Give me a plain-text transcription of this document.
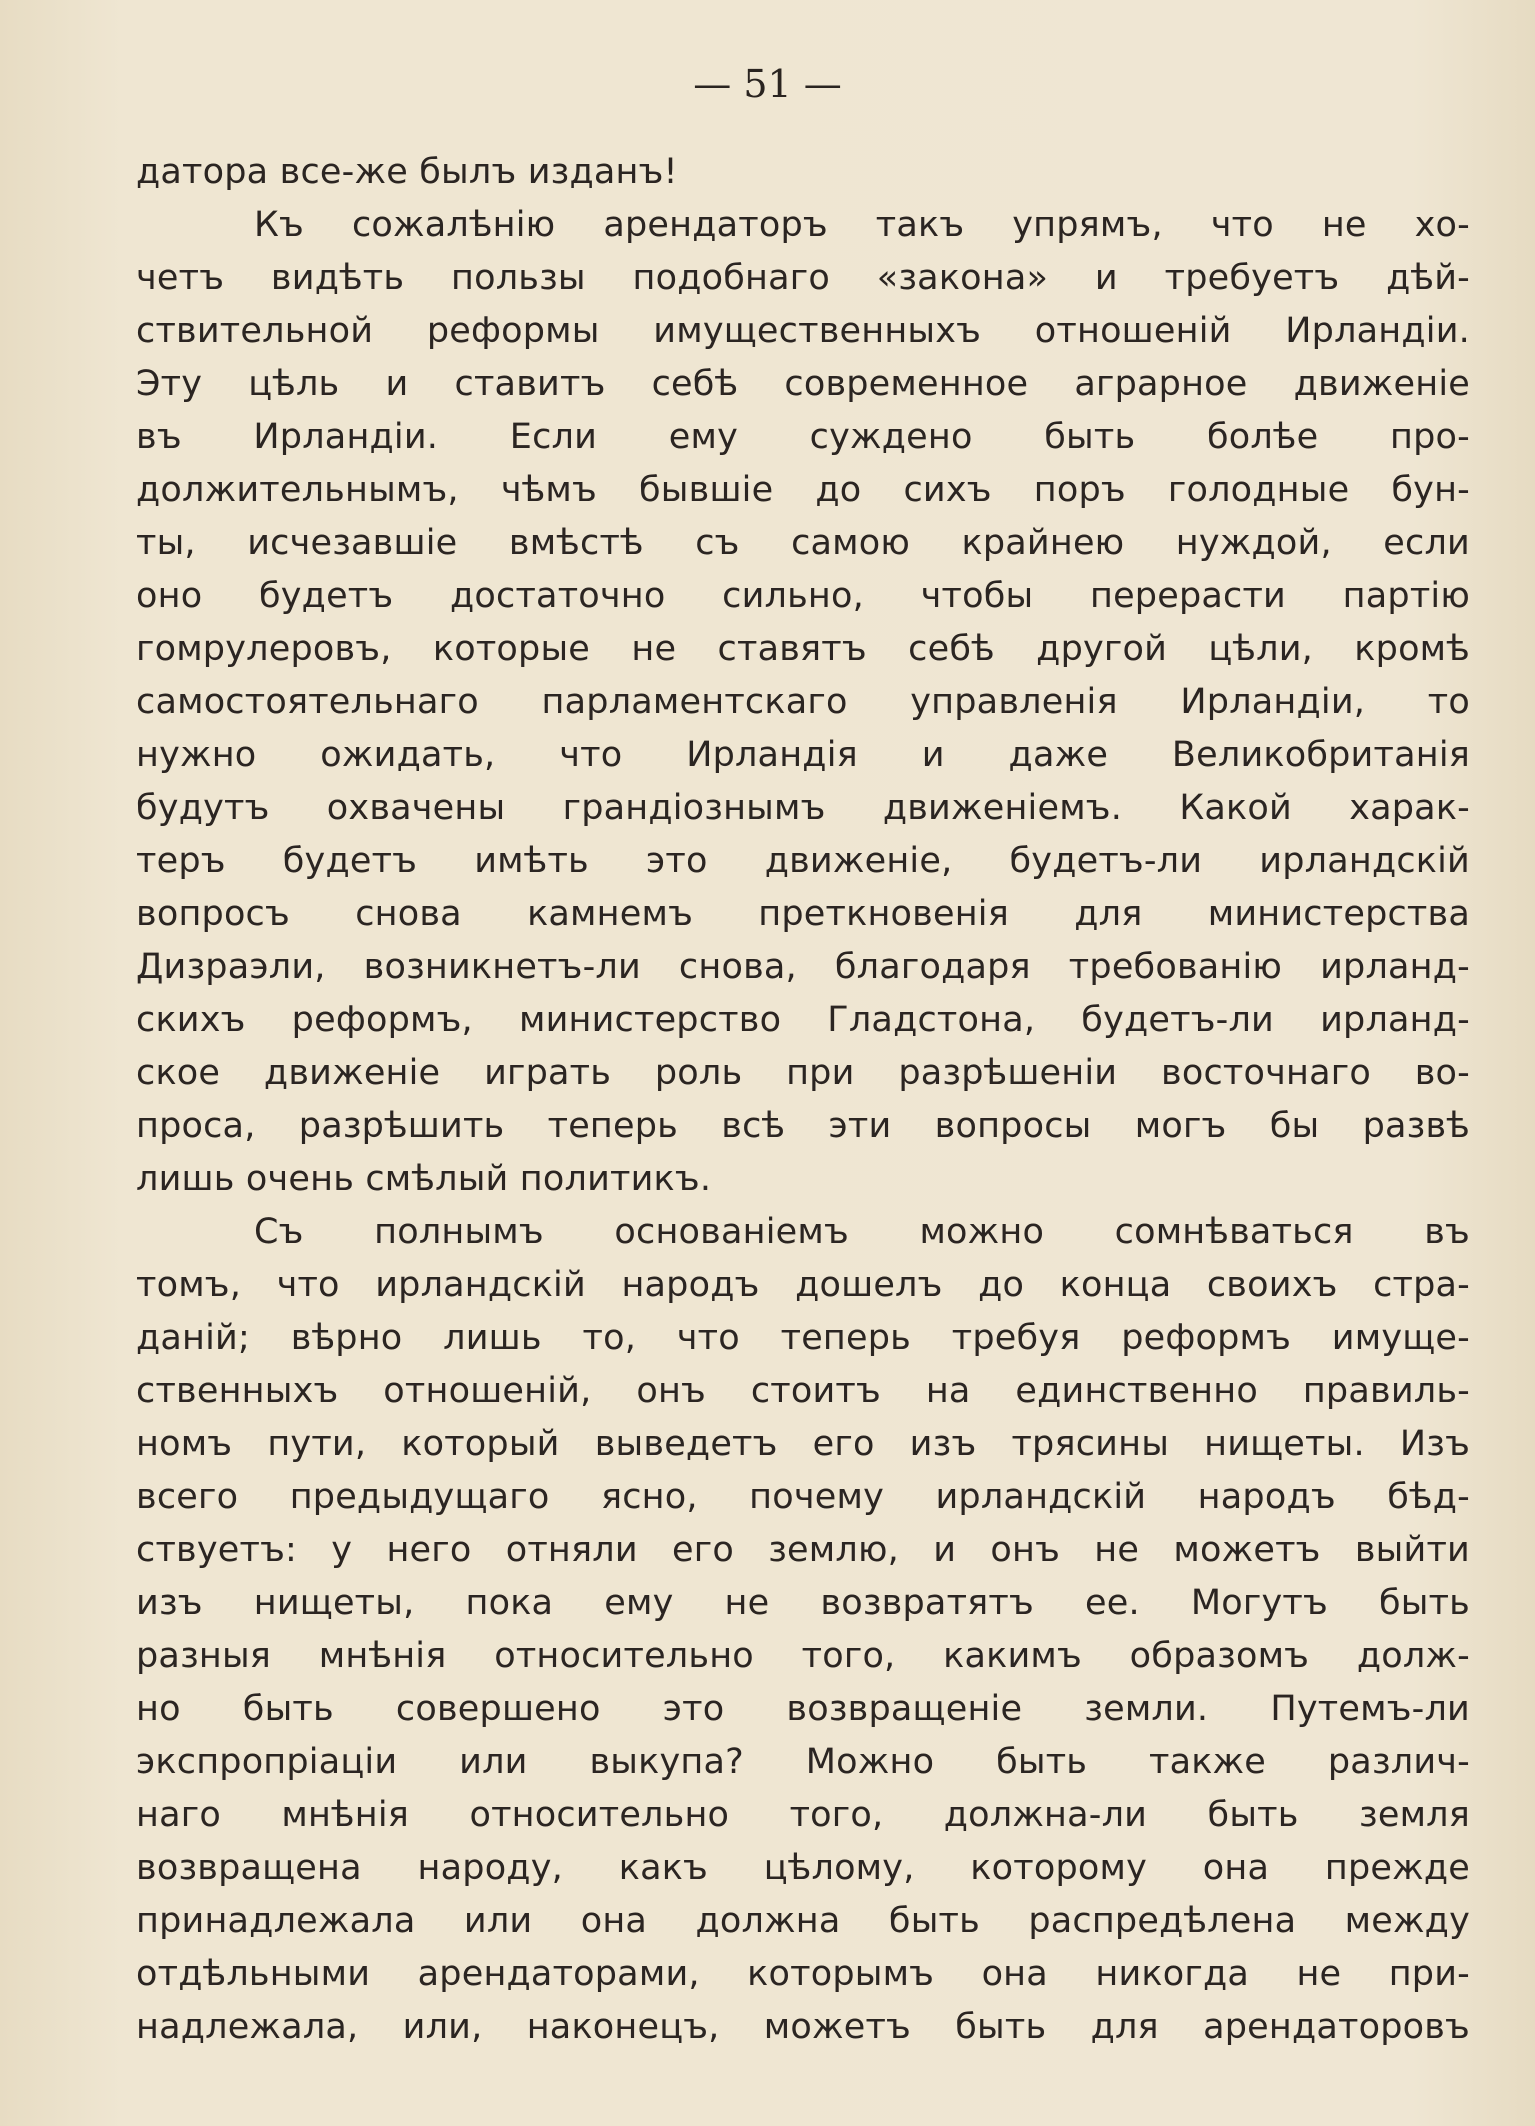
— 51 —
датора все-же былъ изданъ!
Къ сожалѣнію арендаторъ такъ упрямъ, что не хо-
четъ видѣть пользы подобнаго «закона» и требуетъ дѣй-
ствительной реформы имущественныхъ отношеній Ирландіи.
Эту цѣль и ставитъ себѣ современное аграрное движеніе
въ Ирландіи. Если ему суждено быть болѣе про-
должительнымъ, чѣмъ бывшіе до сихъ поръ голодные бун-
ты, исчезавшіе вмѣстѣ съ самою крайнею нуждой, если
оно будетъ достаточно сильно, чтобы перерасти партію
гомрулеровъ, которые не ставятъ себѣ другой цѣли, кромѣ
самостоятельнаго парламентскаго управленія Ирландіи, то
нужно ожидать, что Ирландія и даже Великобританія
будутъ охвачены грандіознымъ движеніемъ. Какой харак-
теръ будетъ имѣть это движеніе, будетъ-ли ирландскій
вопросъ снова камнемъ преткновенія для министерства
Дизраэли, возникнетъ-ли снова, благодаря требованію ирланд-
скихъ реформъ, министерство Гладстона, будетъ-ли ирланд-
ское движеніе играть роль при разрѣшеніи восточнаго во-
проса, разрѣшить теперь всѣ эти вопросы могъ бы развѣ
лишь очень смѣлый политикъ.
Съ полнымъ основаніемъ можно сомнѣваться въ
томъ, что ирландскій народъ дошелъ до конца своихъ стра-
даній; вѣрно лишь то, что теперь требуя реформъ имуще-
ственныхъ отношеній, онъ стоитъ на единственно правиль-
номъ пути, который выведетъ его изъ трясины нищеты. Изъ
всего предыдущаго ясно, почему ирландскій народъ бѣд-
ствуетъ: у него отняли его землю, и онъ не можетъ выйти
изъ нищеты, пока ему не возвратятъ ее. Могутъ быть
разныя мнѣнія относительно того, какимъ образомъ долж-
но быть совершено это возвращеніе земли. Путемъ-ли
экспропріаціи или выкупа? Можно быть также различ-
наго мнѣнія относительно того, должна-ли быть земля
возвращена народу, какъ цѣлому, которому она прежде
принадлежала или она должна быть распредѣлена между
отдѣльными арендаторами, которымъ она никогда не при-
надлежала, или, наконецъ, можетъ быть для арендаторовъ
